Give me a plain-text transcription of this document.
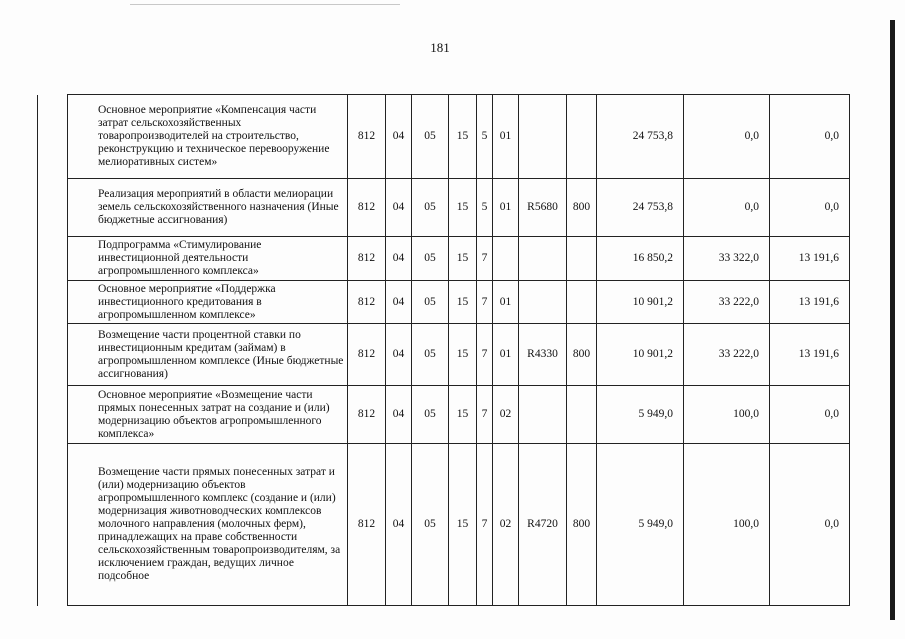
181
	Основное мероприятие «Компенсация части затрат сельскохозяйственных товаропроизводителей на строительство, реконструкцию и техническое перевооружение мелиоративных систем»	812	04	05	15	5	01			24 753,8	0,0	0,0
	Реализация мероприятий в области мелиорации земель сельскохозяйственного назначения (Иные бюджетные ассигнования)	812	04	05	15	5	01	R5680	800	24 753,8	0,0	0,0
	Подпрограмма «Стимулирование инвестиционной деятельности агропромышленного комплекса»	812	04	05	15	7				16 850,2	33 322,0	13 191,6
	Основное мероприятие «Поддержка инвестиционного кредитования в агропромышленном комплексе»	812	04	05	15	7	01			10 901,2	33 222,0	13 191,6
	Возмещение части процентной ставки по инвестиционным кредитам (займам) в агропромышленном комплексе (Иные бюджетные ассигнования)	812	04	05	15	7	01	R4330	800	10 901,2	33 222,0	13 191,6
	Основное мероприятие «Возмещение части прямых понесенных затрат на создание и (или) модернизацию объектов агропромышленного комплекса»	812	04	05	15	7	02			5 949,0	100,0	0,0
	Возмещение части прямых понесенных затрат и (или) модернизацию объектов агропромышленного комплекс (создание и (или) модернизация животноводческих комплексов молочного направления (молочных ферм), принадлежащих на праве собственности сельскохозяйственным товаропроизводителям, за исключением граждан, ведущих личное подсобное	812	04	05	15	7	02	R4720	800	5 949,0	100,0	0,0
